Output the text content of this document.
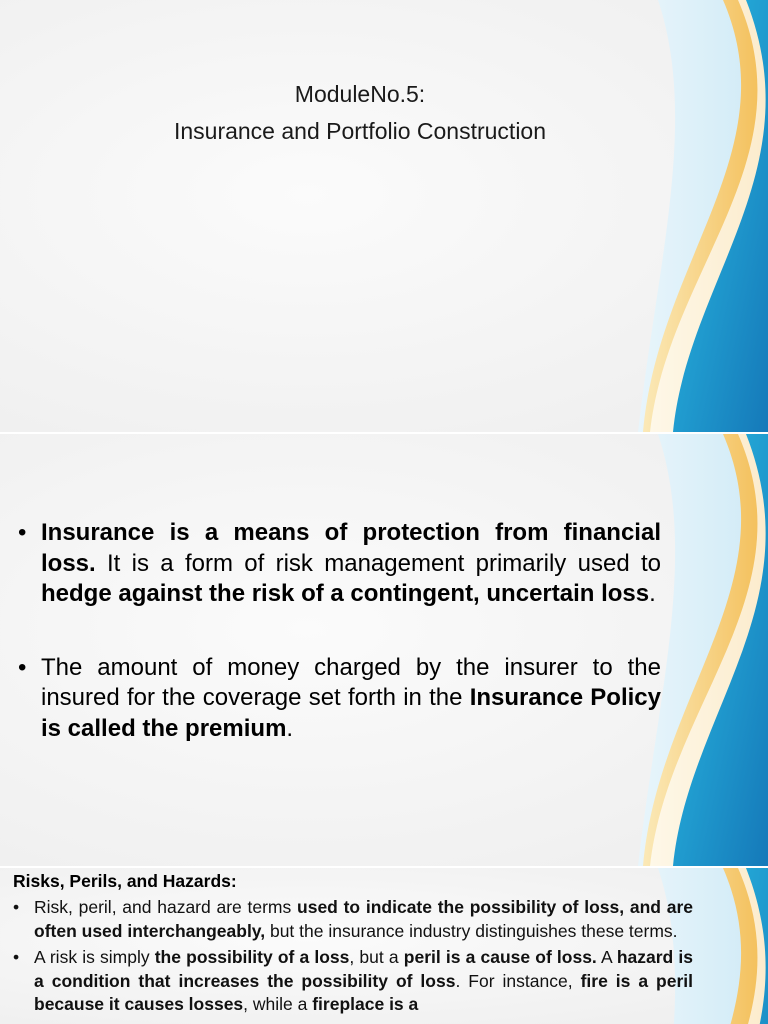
ModuleNo.5:
Insurance and Portfolio Construction
• Insurance is a means of protection from financial loss. It is a form of risk management primarily used to hedge against the risk of a contingent, uncertain loss.
• The amount of money charged by the insurer to the insured for the coverage set forth in the Insurance Policy is called the premium.
Risks, Perils, and Hazards:
• Risk, peril, and hazard are terms used to indicate the possibility of loss, and are often used interchangeably, but the insurance industry distinguishes these terms.
• A risk is simply the possibility of a loss, but a peril is a cause of loss. A hazard is a condition that increases the possibility of loss. For instance, fire is a peril because it causes losses, while a fireplace is a
